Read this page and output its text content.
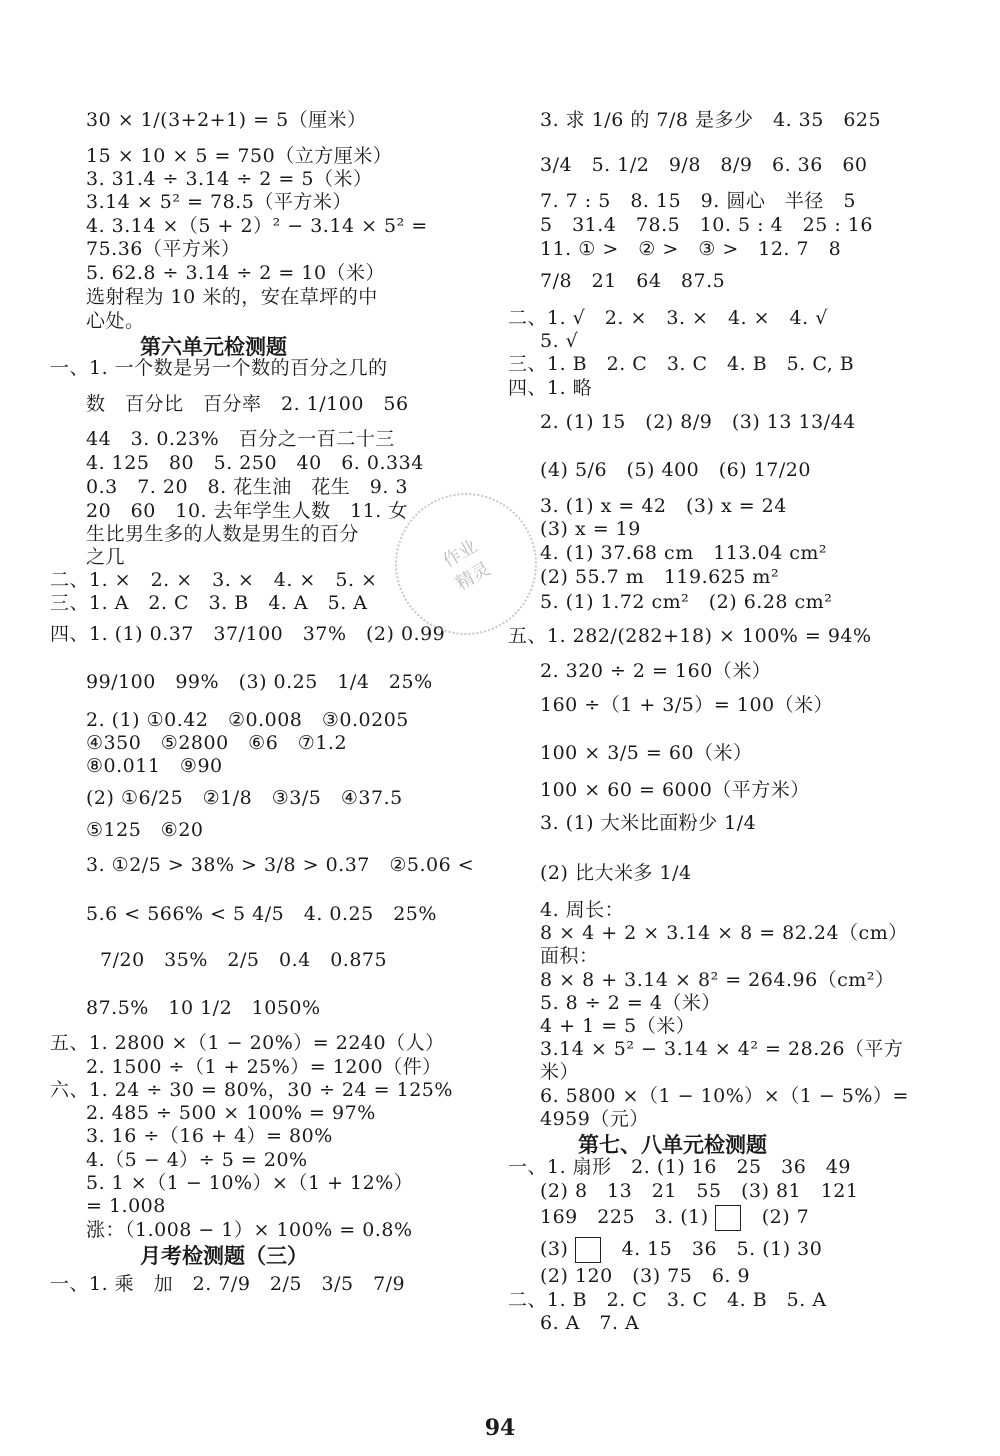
30 × 1/(3+2+1) = 5（厘米）
15 × 10 × 5 = 750（立方厘米）
3. 31.4 ÷ 3.14 ÷ 2 = 5（米）
3.14 × 5² = 78.5（平方米）
4. 3.14 ×（5 + 2）² − 3.14 × 5² =
75.36（平方米）
5. 62.8 ÷ 3.14 ÷ 2 = 10（米）
选射程为 10 米的，安在草坪的中
心处。
第六单元检测题
一、1. 一个数是另一个数的百分之几的
数　百分比　百分率　2. 1/100　56
44　3. 0.23%　百分之一百二十三
4. 125　80　5. 250　40　6. 0.334
0.3　7. 20　8. 花生油　花生　9. 3
20　60　10. 去年学生人数　11. 女
生比男生多的人数是男生的百分
之几
二、1. ×　2. ×　3. ×　4. ×　5. ×
三、1. A　2. C　3. B　4. A　5. A
四、1. (1) 0.37　37/100　37%　(2) 0.99
99/100　99%　(3) 0.25　1/4　25%
2. (1) ①0.42　②0.008　③0.0205
④350　⑤2800　⑥6　⑦1.2
⑧0.011　⑨90
(2) ①6/25　②1/8　③3/5　④37.5
⑤125　⑥20
3. ①2/5 > 38% > 3/8 > 0.37　②5.06 <
5.6 < 566% < 5 4/5　4. 0.25　25%
7/20　35%　2/5　0.4　0.875
87.5%　10 1/2　1050%
五、1. 2800 ×（1 − 20%）= 2240（人）
2. 1500 ÷（1 + 25%）= 1200（件）
六、1. 24 ÷ 30 = 80%，30 ÷ 24 = 125%
2. 485 ÷ 500 × 100% = 97%
3. 16 ÷（16 + 4）= 80%
4.（5 − 4）÷ 5 = 20%
5. 1 ×（1 − 10%）×（1 + 12%）
= 1.008
涨：（1.008 − 1）× 100% = 0.8%
月考检测题（三）
一、1. 乘　加　2. 7/9　2/5　3/5　7/9
3. 求 1/6 的 7/8 是多少　4. 35　625
3/4　5. 1/2　9/8　8/9　6. 36　60
7. 7 : 5　8. 15　9. 圆心　半径　5
5　31.4　78.5　10. 5 : 4　25 : 16
11. ① >　② >　③ >　12. 7　8
7/8　21　64　87.5
二、1. √　2. ×　3. ×　4. ×　4. √
5. √
三、1. B　2. C　3. C　4. B　5. C, B
四、1. 略
2. (1) 15　(2) 8/9　(3) 13 13/44
(4) 5/6　(5) 400　(6) 17/20
3. (1) x = 42　(3) x = 24
(3) x = 19
4. (1) 37.68 cm　113.04 cm²
(2) 55.7 m　119.625 m²
5. (1) 1.72 cm²　(2) 6.28 cm²
五、1. 282/(282+18) × 100% = 94%
2. 320 ÷ 2 = 160（米）
160 ÷（1 + 3/5）= 100（米）
100 × 3/5 = 60（米）
100 × 60 = 6000（平方米）
3. (1) 大米比面粉少 1/4
(2) 比大米多 1/4
4. 周长：
8 × 4 + 2 × 3.14 × 8 = 82.24（cm）
面积：
8 × 8 + 3.14 × 8² = 264.96（cm²）
5. 8 ÷ 2 = 4（米）
4 + 1 = 5（米）
3.14 × 5² − 3.14 × 4² = 28.26（平方
米）
6. 5800 ×（1 − 10%）×（1 − 5%）=
4959（元）
第七、八单元检测题
一、1. 扇形　2. (1) 16　25　36　49
(2) 8　13　21　55　(3) 81　121
169　225　3. (1)	(2) 7
(3)	4. 15　36　5. (1) 30
(2) 120　(3) 75　6. 9
二、1. B　2. C　3. C　4. B　5. A
6. A　7. A
作业
精灵
94
